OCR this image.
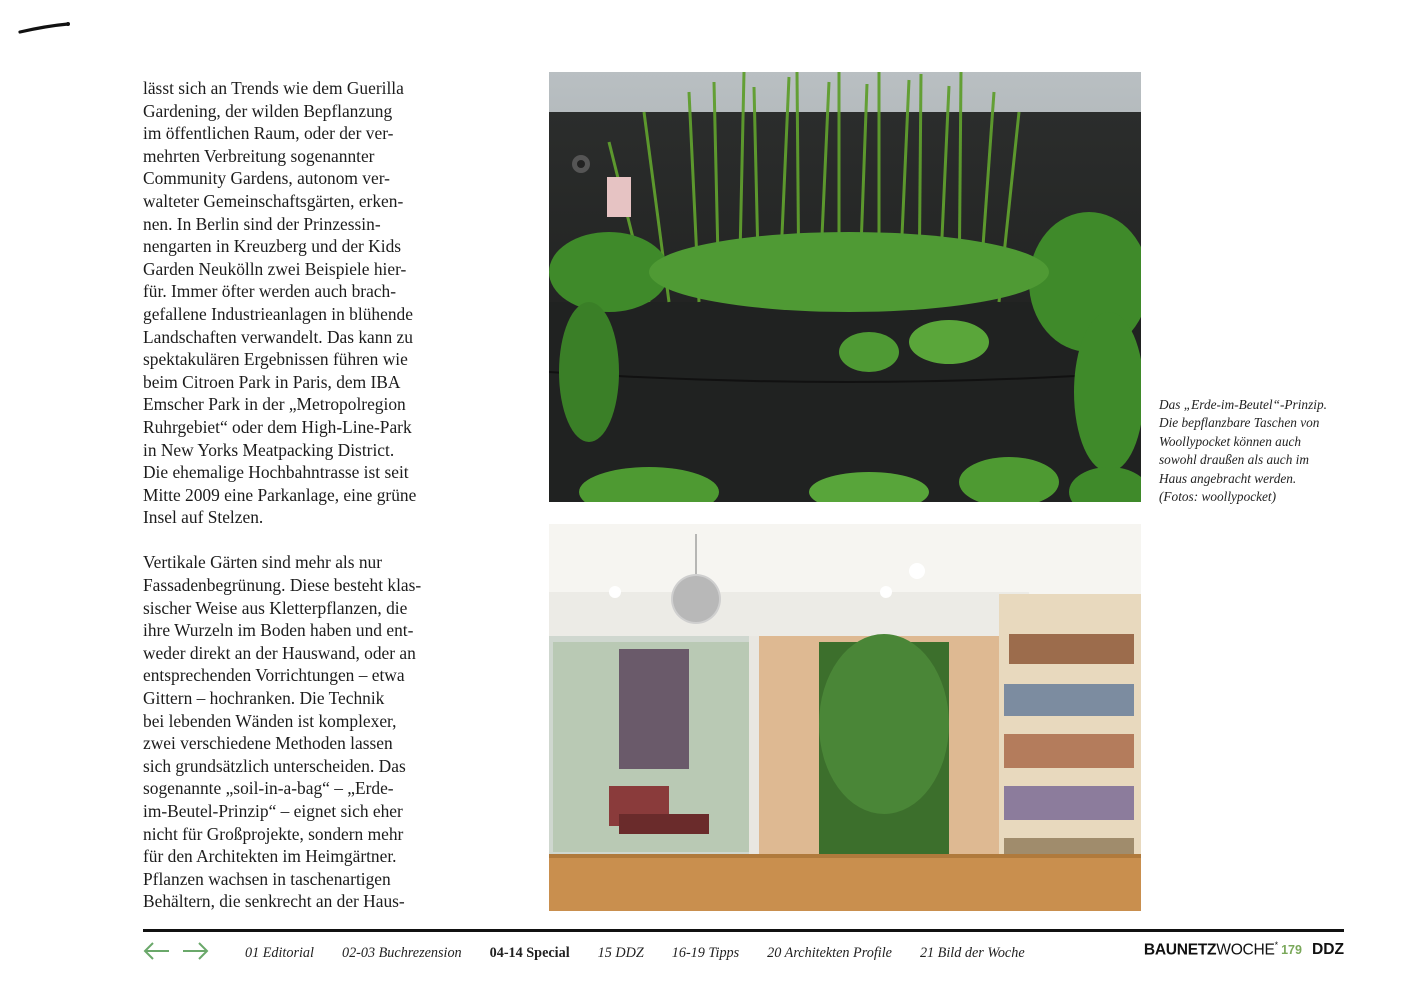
lässt sich an Trends wie dem Guerilla
Gardening, der wilden Bepflanzung
im öffentlichen Raum, oder der ver-
mehrten Verbreitung sogenannter
Community Gardens, autonom ver-
walteter Gemeinschaftsgärten, erken-
nen. In Berlin sind der Prinzessin-
nengarten in Kreuzberg und der Kids
Garden Neukölln zwei Beispiele hier-
für. Immer öfter werden auch brach-
gefallene Industrieanlagen in blühende
Landschaften verwandelt. Das kann zu
spektakulären Ergebnissen führen wie
beim Citroen Park in Paris, dem IBA
Emscher Park in der „Metropolregion
Ruhrgebiet“ oder dem High-Line-Park
in New Yorks Meatpacking District.
Die ehemalige Hochbahntrasse ist seit
Mitte 2009 eine Parkanlage, eine grüne
Insel auf Stelzen.
Vertikale Gärten sind mehr als nur
Fassadenbegrünung. Diese besteht klas-
sischer Weise aus Kletterpflanzen, die
ihre Wurzeln im Boden haben und ent-
weder direkt an der Hauswand, oder an
entsprechenden Vorrichtungen – etwa
Gittern – hochranken. Die Technik
bei lebenden Wänden ist komplexer,
zwei verschiedene Methoden lassen
sich grundsätzlich unterscheiden. Das
sogenannte „soil-in-a-bag“ – „Erde-
im-Beutel-Prinzip“ – eignet sich eher
nicht für Großprojekte, sondern mehr
für den Architekten im Heimgärtner.
Pflanzen wachsen in taschenartigen
Behältern, die senkrecht an der Haus-
Das „Erde-im-Beutel“-Prinzip.
Die bepflanzbare Taschen von
Woollypocket können auch
sowohl draußen als auch im
Haus angebracht werden.
(Fotos: woollypocket)
01 Editorial 02-03 Buchrezension 04-14 Special 15 DDZ 16-19 Tipps 20 Architekten Profile 21 Bild der Woche	BAUNETZWOCHE* 179 DDZ
